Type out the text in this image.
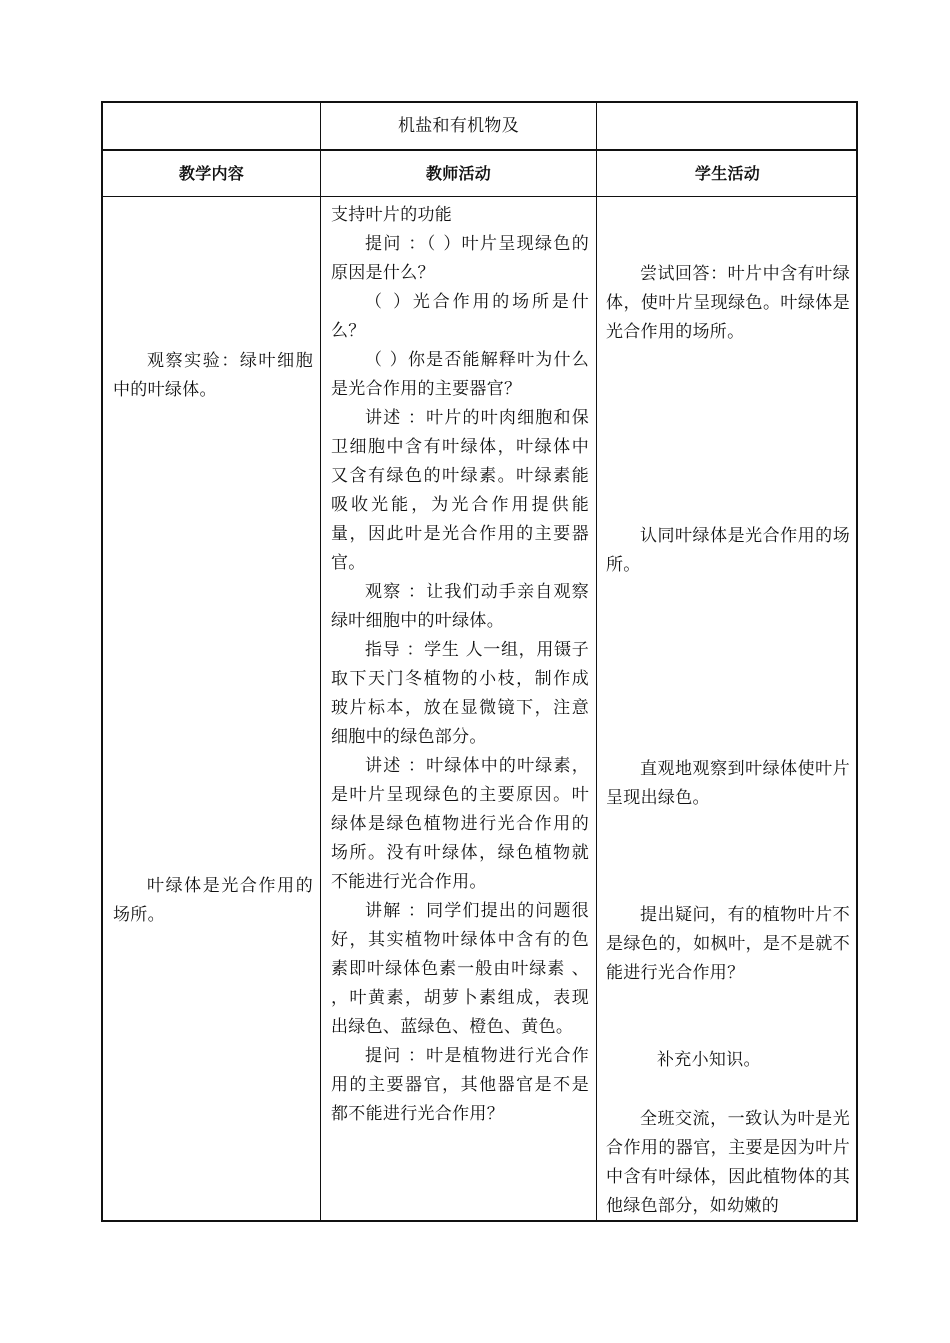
机盐和有机物及
教学内容	教师活动	学生活动

观察实验：绿叶细胞中的叶绿体。

叶绿体是光合作用的场所。

支持叶片的功能

提问 ：（ ）叶片呈现绿色的原因是什么？

（ ）光合作用的场所是什么？

（ ）你是否能解释叶为什么是光合作用的主要器官？

讲述 ：叶片的叶肉细胞和保卫细胞中含有叶绿体，叶绿体中又含有绿色的叶绿素。叶绿素能吸收光能，为光合作用提供能量，因此叶是光合作用的主要器官。

观察 ：让我们动手亲自观察绿叶细胞中的叶绿体。

指导 ：学生 人一组，用镊子取下天门冬植物的小枝，制作成玻片标本，放在显微镜下，注意细胞中的绿色部分。

讲述 ：叶绿体中的叶绿素，是叶片呈现绿色的主要原因。叶绿体是绿色植物进行光合作用的场所。没有叶绿体，绿色植物就不能进行光合作用。

讲解 ：同学们提出的问题很好，其实植物叶绿体中含有的色素即叶绿体色素一般由叶绿素 、 ，叶黄素，胡萝卜素组成，表现出绿色、蓝绿色、橙色、黄色。

提问 ：叶是植物进行光合作用的主要器官，其他器官是不是都不能进行光合作用？

尝试回答：叶片中含有叶绿体，使叶片呈现绿色。叶绿体是光合作用的场所。

认同叶绿体是光合作用的场所。

直观地观察到叶绿体使叶片呈现出绿色。

提出疑问，有的植物叶片不是绿色的，如枫叶，是不是就不能进行光合作用？

补充小知识。

全班交流，一致认为叶是光合作用的器官，主要是因为叶片中含有叶绿体，因此植物体的其他绿色部分，如幼嫩的
